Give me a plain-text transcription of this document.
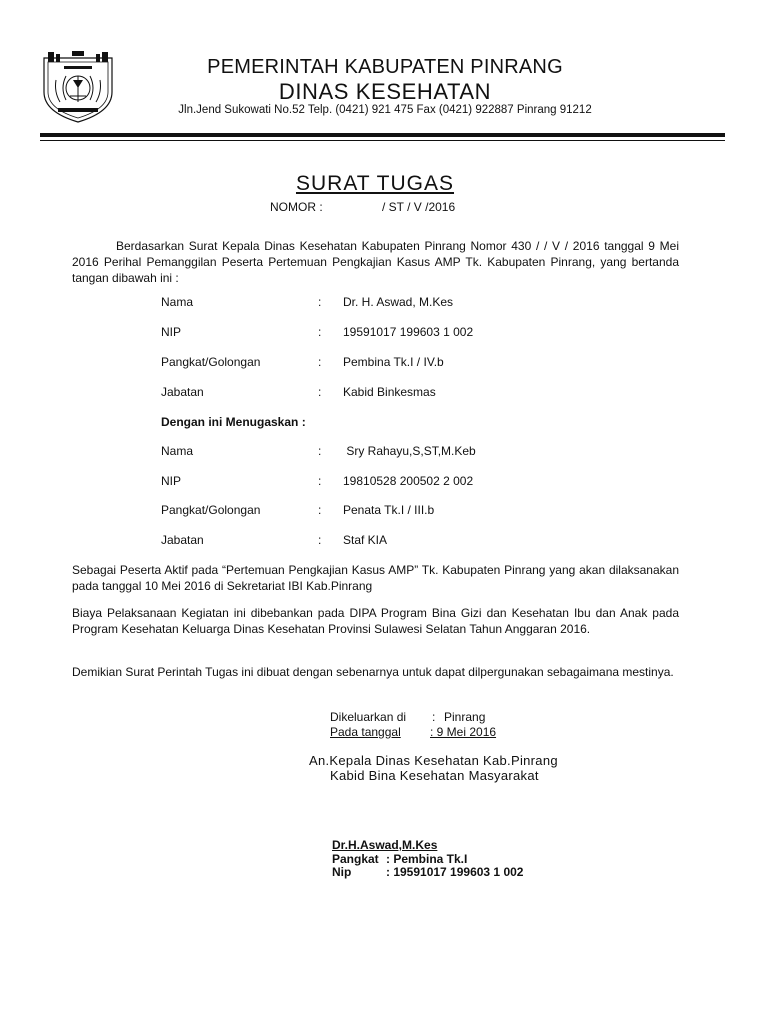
PEMERINTAH KABUPATEN PINRANG
DINAS KESEHATAN
Jln.Jend Sukowati No.52 Telp. (0421) 921 475 Fax (0421) 922887 Pinrang 91212
SURAT TUGAS
NOMOR :	/ ST / V /2016
Berdasarkan Surat Kepala Dinas Kesehatan Kabupaten Pinrang Nomor 430 / / V / 2016 tanggal 9 Mei 2016 Perihal Pemanggilan Peserta Pertemuan Pengkajian Kasus AMP Tk. Kabupaten Pinrang, yang bertanda tangan dibawah ini :
Nama	: Dr. H. Aswad, M.Kes
NIP	: 19591017 199603 1 002
Pangkat/Golongan	: Pembina Tk.I / IV.b
Jabatan	: Kabid Binkesmas
Dengan ini Menugaskan :
Nama	: Sry Rahayu,S,ST,M.Keb
NIP	: 19810528 200502 2 002
Pangkat/Golongan	: Penata Tk.I / III.b
Jabatan	: Staf KIA
Sebagai Peserta Aktif pada “Pertemuan Pengkajian Kasus AMP” Tk. Kabupaten Pinrang yang akan dilaksanakan pada tanggal 10 Mei 2016 di Sekretariat IBI Kab.Pinrang
Biaya Pelaksanaan Kegiatan ini dibebankan pada DIPA Program Bina Gizi dan Kesehatan Ibu dan Anak pada Program Kesehatan Keluarga Dinas Kesehatan Provinsi Sulawesi Selatan Tahun Anggaran 2016.
Demikian Surat Perintah Tugas ini dibuat dengan sebenarnya untuk dapat dilpergunakan sebagaimana mestinya.
Dikeluarkan di : Pinrang
Pada tanggal	: 9 Mei 2016
An.Kepala Dinas Kesehatan Kab.Pinrang
Kabid Bina Kesehatan Masyarakat
Dr.H.Aswad,M.Kes
Pangkat : Pembina Tk.I
Nip	: 19591017 199603 1 002
